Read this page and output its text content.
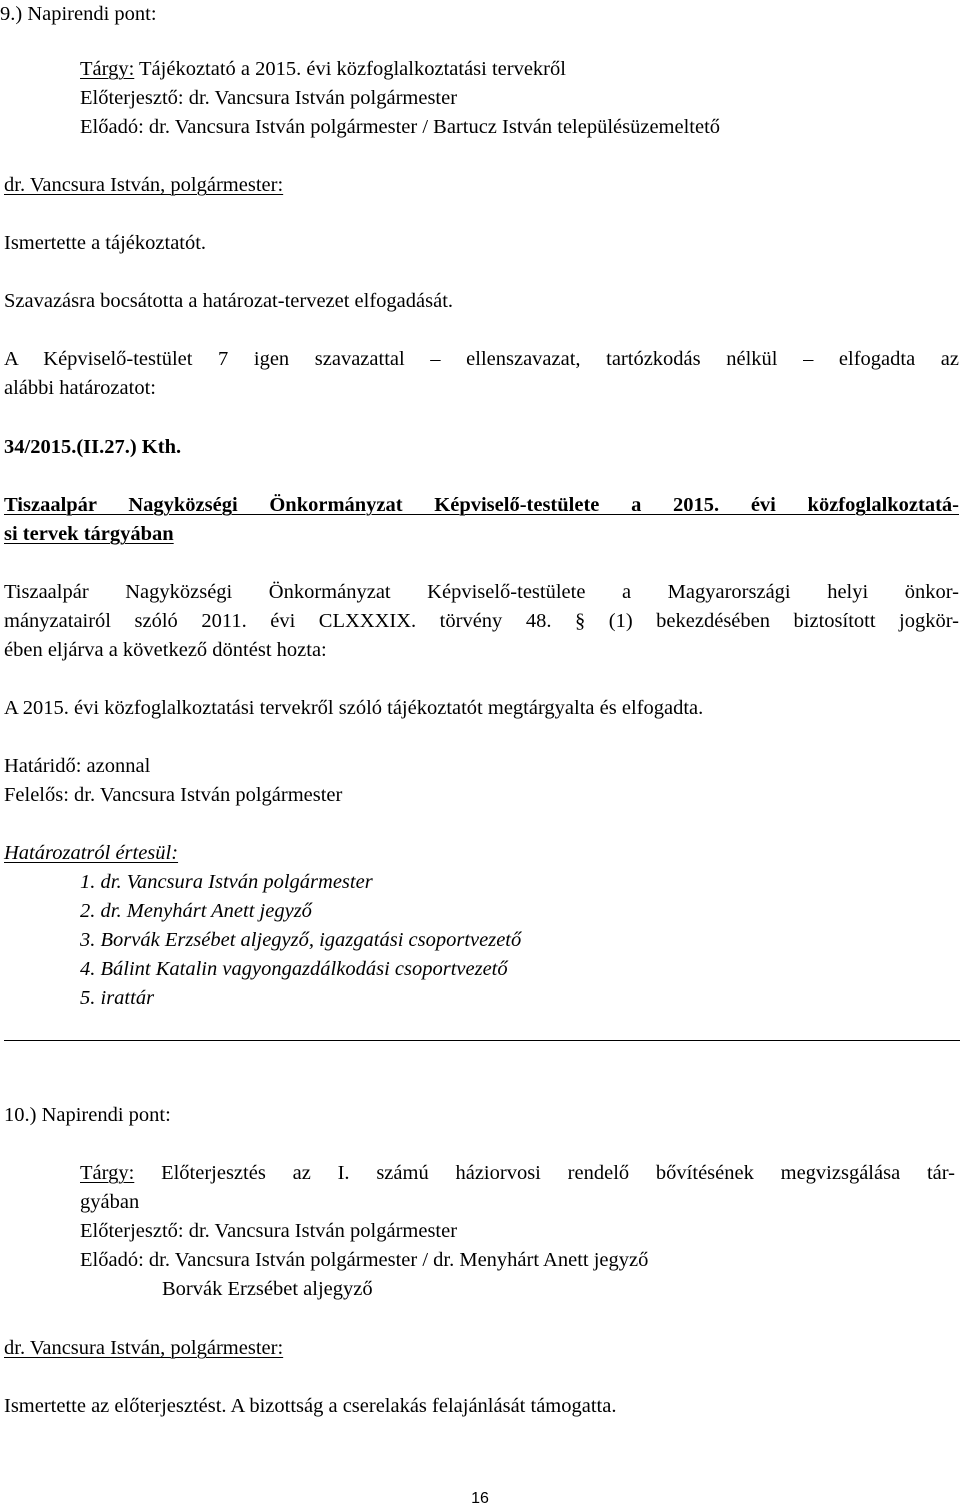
9.) Napirendi pont:
Tárgy: Tájékoztató a 2015. évi közfoglalkoztatási tervekről
Előterjesztő: dr. Vancsura István polgármester
Előadó: dr. Vancsura István polgármester / Bartucz István településüzemeltető
dr. Vancsura István, polgármester:
Ismertette a tájékoztatót.
Szavazásra bocsátotta a határozat-tervezet elfogadását.
A Képviselő-testület 7 igen szavazattal – ellenszavazat, tartózkodás nélkül – elfogadta az
alábbi határozatot:
34/2015.(II.27.) Kth.
Tiszaalpár Nagyközségi Önkormányzat Képviselő-testülete a 2015. évi közfoglalkoztatá-
si tervek tárgyában
Tiszaalpár Nagyközségi Önkormányzat Képviselő-testülete a Magyarországi helyi önkor-
mányzatairól szóló 2011. évi CLXXXIX. törvény 48. § (1) bekezdésében biztosított jogkör-
ében eljárva a következő döntést hozta:
A 2015. évi közfoglalkoztatási tervekről szóló tájékoztatót megtárgyalta és elfogadta.
Határidő: azonnal
Felelős: dr. Vancsura István polgármester
Határozatról értesül:
1. dr. Vancsura István polgármester
2. dr. Menyhárt Anett jegyző
3. Borvák Erzsébet aljegyző, igazgatási csoportvezető
4. Bálint Katalin vagyongazdálkodási csoportvezető
5. irattár
10.) Napirendi pont:
Tárgy: Előterjesztés az I. számú háziorvosi rendelő bővítésének megvizsgálása tár-
gyában
Előterjesztő: dr. Vancsura István polgármester
Előadó: dr. Vancsura István polgármester / dr. Menyhárt Anett jegyző
Borvák Erzsébet aljegyző
dr. Vancsura István, polgármester:
Ismertette az előterjesztést. A bizottság a cserelakás felajánlását támogatta.
16
